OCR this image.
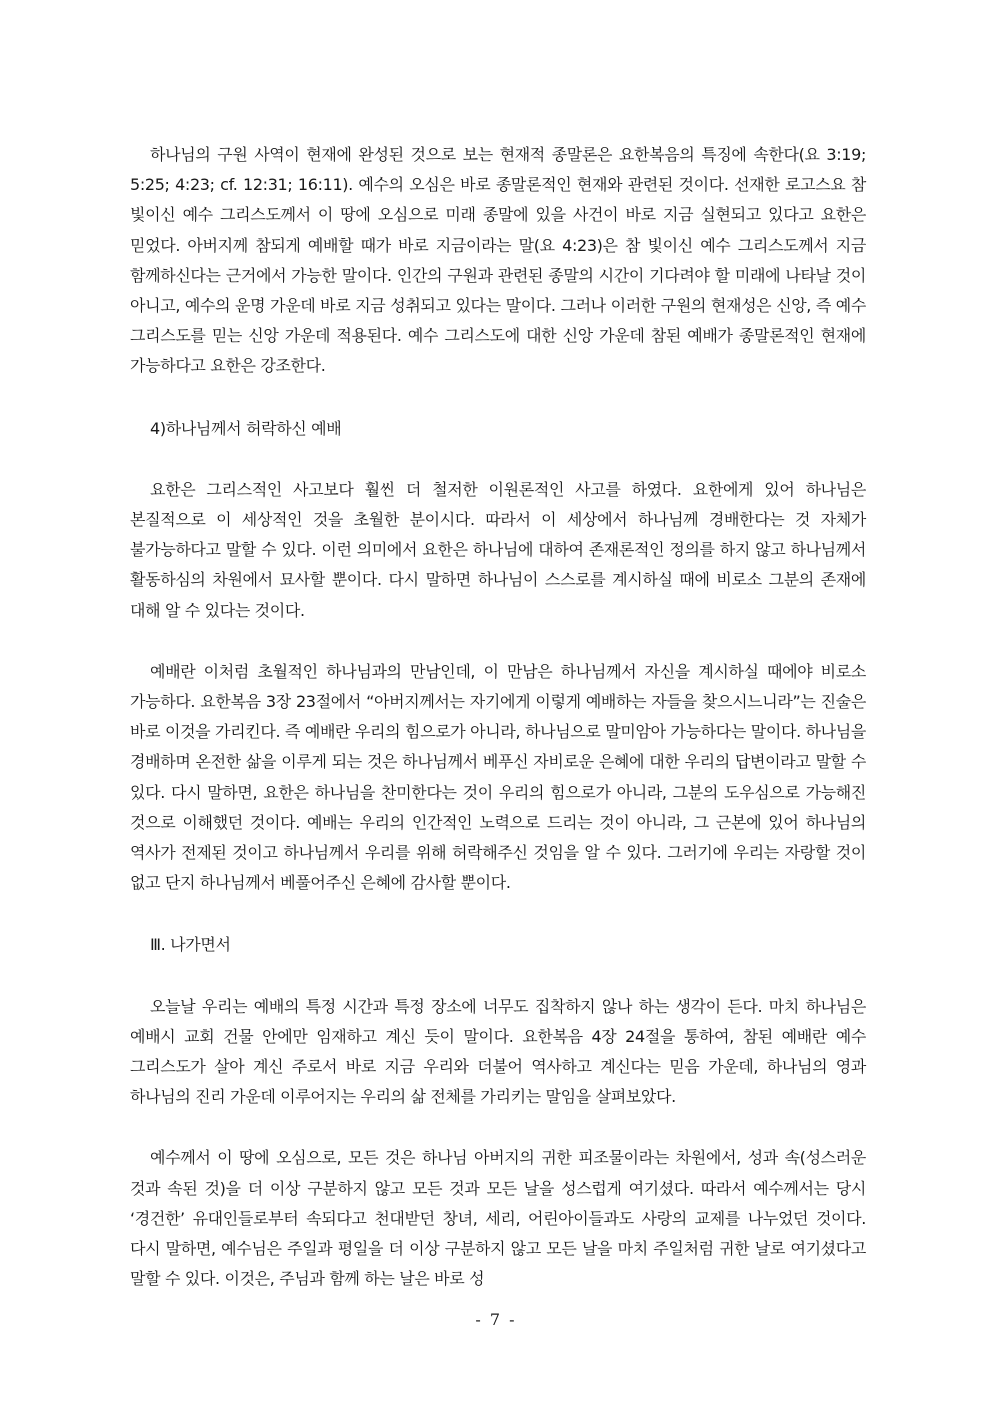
하나님의 구원 사역이 현재에 완성된 것으로 보는 현재적 종말론은 요한복음의 특징에 속한다(요 3:19; 5:25; 4:23; cf. 12:31; 16:11). 예수의 오심은 바로 종말론적인 현재와 관련된 것이다. 선재한 로고스요 참 빛이신 예수 그리스도께서 이 땅에 오심으로 미래 종말에 있을 사건이 바로 지금 실현되고 있다고 요한은 믿었다. 아버지께 참되게 예배할 때가 바로 지금이라는 말(요 4:23)은 참 빛이신 예수 그리스도께서 지금 함께하신다는 근거에서 가능한 말이다. 인간의 구원과 관련된 종말의 시간이 기다려야 할 미래에 나타날 것이 아니고, 예수의 운명 가운데 바로 지금 성취되고 있다는 말이다. 그러나 이러한 구원의 현재성은 신앙, 즉 예수 그리스도를 믿는 신앙 가운데 적용된다. 예수 그리스도에 대한 신앙 가운데 참된 예배가 종말론적인 현재에 가능하다고 요한은 강조한다.

4)하나님께서 허락하신 예배

요한은 그리스적인 사고보다 훨씬 더 철저한 이원론적인 사고를 하였다. 요한에게 있어 하나님은 본질적으로 이 세상적인 것을 초월한 분이시다. 따라서 이 세상에서 하나님께 경배한다는 것 자체가 불가능하다고 말할 수 있다. 이런 의미에서 요한은 하나님에 대하여 존재론적인 정의를 하지 않고 하나님께서 활동하심의 차원에서 묘사할 뿐이다. 다시 말하면 하나님이 스스로를 계시하실 때에 비로소 그분의 존재에 대해 알 수 있다는 것이다.

예배란 이처럼 초월적인 하나님과의 만남인데, 이 만남은 하나님께서 자신을 계시하실 때에야 비로소 가능하다. 요한복음 3장 23절에서 “아버지께서는 자기에게 이렇게 예배하는 자들을 찾으시느니라”는 진술은 바로 이것을 가리킨다. 즉 예배란 우리의 힘으로가 아니라, 하나님으로 말미암아 가능하다는 말이다. 하나님을 경배하며 온전한 삶을 이루게 되는 것은 하나님께서 베푸신 자비로운 은혜에 대한 우리의 답변이라고 말할 수 있다. 다시 말하면, 요한은 하나님을 찬미한다는 것이 우리의 힘으로가 아니라, 그분의 도우심으로 가능해진 것으로 이해했던 것이다. 예배는 우리의 인간적인 노력으로 드리는 것이 아니라, 그 근본에 있어 하나님의 역사가 전제된 것이고 하나님께서 우리를 위해 허락해주신 것임을 알 수 있다. 그러기에 우리는 자랑할 것이 없고 단지 하나님께서 베풀어주신 은혜에 감사할 뿐이다.

Ⅲ. 나가면서

오늘날 우리는 예배의 특정 시간과 특정 장소에 너무도 집착하지 않나 하는 생각이 든다. 마치 하나님은 예배시 교회 건물 안에만 임재하고 계신 듯이 말이다. 요한복음 4장 24절을 통하여, 참된 예배란 예수 그리스도가 살아 계신 주로서 바로 지금 우리와 더불어 역사하고 계신다는 믿음 가운데, 하나님의 영과 하나님의 진리 가운데 이루어지는 우리의 삶 전체를 가리키는 말임을 살펴보았다.

예수께서 이 땅에 오심으로, 모든 것은 하나님 아버지의 귀한 피조물이라는 차원에서, 성과 속(성스러운 것과 속된 것)을 더 이상 구분하지 않고 모든 것과 모든 날을 성스럽게 여기셨다. 따라서 예수께서는 당시 ‘경건한’ 유대인들로부터 속되다고 천대받던 창녀, 세리, 어린아이들과도 사랑의 교제를 나누었던 것이다. 다시 말하면, 예수님은 주일과 평일을 더 이상 구분하지 않고 모든 날을 마치 주일처럼 귀한 날로 여기셨다고 말할 수 있다. 이것은, 주님과 함께 하는 날은 바로 성

- 7 -
